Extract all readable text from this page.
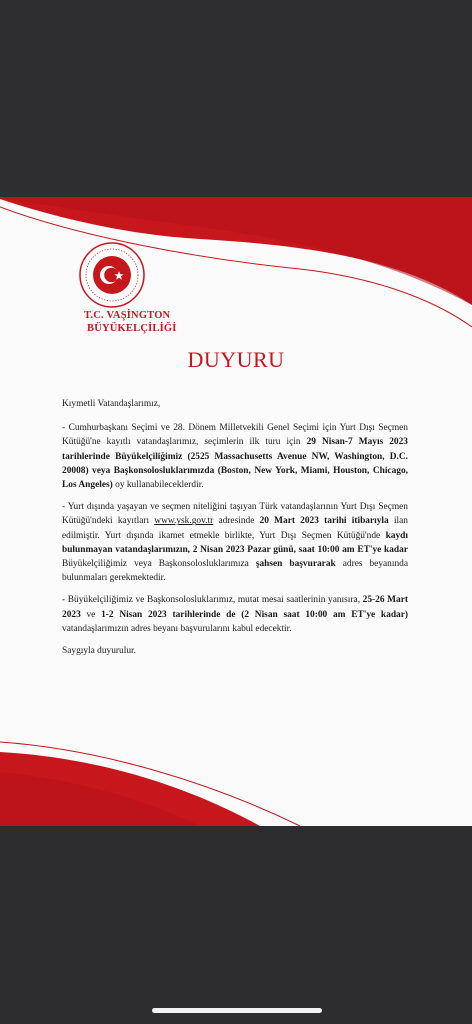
T.C. VAŞİNGTON
BÜYÜKELÇİLİĞİ
DUYURU

Kıymetli Vatandaşlarımız,

- Cumhurbaşkanı Seçimi ve 28. Dönem Milletvekili Genel Seçimi için Yurt Dışı Seçmen Kütüğü'ne kayıtlı vatandaşlarımız, seçimlerin ilk turu için 29 Nisan-7 Mayıs 2023 tarihlerinde Büyükelçiliğimiz (2525 Massachusetts Avenue NW, Washington, D.C. 20008) veya Başkonsolosluklarımızda (Boston, New York, Miami, Houston, Chicago, Los Angeles) oy kullanabileceklerdir.

- Yurt dışında yaşayan ve seçmen niteliğini taşıyan Türk vatandaşlarının Yurt Dışı Seçmen Kütüğü'ndeki kayıtları www.ysk.gov.tr adresinde 20 Mart 2023 tarihi itibarıyla ilan edilmiştir. Yurt dışında ikamet etmekle birlikte, Yurt Dışı Seçmen Kütüğü'nde kaydı bulunmayan vatandaşlarımızın, 2 Nisan 2023 Pazar günü, saat 10:00 am ET'ye kadar Büyükelçiliğimiz veya Başkonsolosluklarımıza şahsen başvurarak adres beyanında bulunmaları gerekmektedir.

- Büyükelçiliğimiz ve Başkonsolosluklarımız, mutat mesai saatlerinin yanısıra, 25-26 Mart 2023 ve 1-2 Nisan 2023 tarihlerinde de (2 Nisan saat 10:00 am ET'ye kadar) vatandaşlarımızın adres beyanı başvurularını kabul edecektir.

Saygıyla duyurulur.
